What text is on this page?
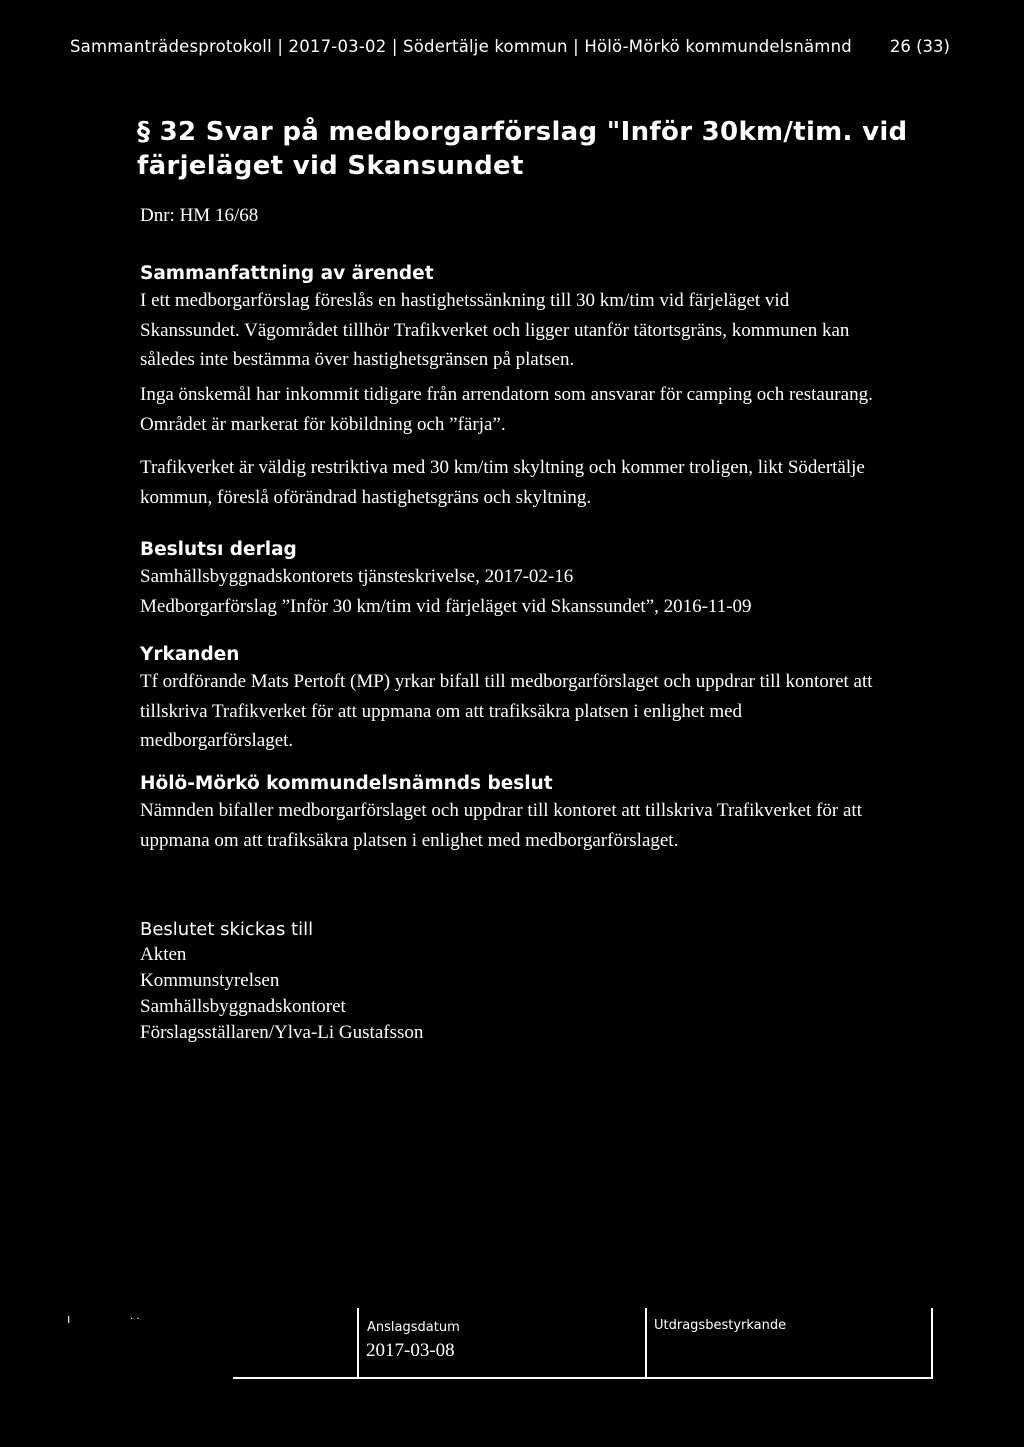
Sammanträdesprotokoll | 2017-03-02 | Södertälje kommun | Hölö-Mörkö kommundelsnämnd 26 (33)
§ 32 Svar på medborgarförslag "Inför 30km/tim. vid
färjeläget vid Skansundet
Dnr: HM 16/68
Sammanfattning av ärendet

I ett medborgarförslag föreslås en hastighetssänkning till 30 km/tim vid färjeläget vid
Skanssundet. Vägområdet tillhör Trafikverket och ligger utanför tätortsgräns, kommunen kan
således inte bestämma över hastighetsgränsen på platsen.

Inga önskemål har inkommit tidigare från arrendatorn som ansvarar för camping och restaurang.
Området är markerat för köbildning och ”färja”.

Trafikverket är väldig restriktiva med 30 km/tim skyltning och kommer troligen, likt Södertälje
kommun, föreslå oförändrad hastighetsgräns och skyltning.

Beslutsı derlag

Samhällsbyggnadskontorets tjänsteskrivelse, 2017-02-16
Medborgarförslag ”Inför 30 km/tim vid färjeläget vid Skanssundet”, 2016-11-09

Yrkanden

Tf ordförande Mats Pertoft (MP) yrkar bifall till medborgarförslaget och uppdrar till kontoret att
tillskriva Trafikverket för att uppmana om att trafiksäkra platsen i enlighet med
medborgarförslaget.

Hölö-Mörkö kommundelsnämnds beslut

Nämnden bifaller medborgarförslaget och uppdrar till kontoret att tillskriva Trafikverket för att
uppmana om att trafiksäkra platsen i enlighet med medborgarförslaget.

Beslutet skickas till
Akten
Kommunstyrelsen
Samhällsbyggnadskontoret
Förslagsställaren/Ylva-Li Gustafsson
ı	· ·
Anslagsdatum
2017-03-08
Utdragsbestyrkande
